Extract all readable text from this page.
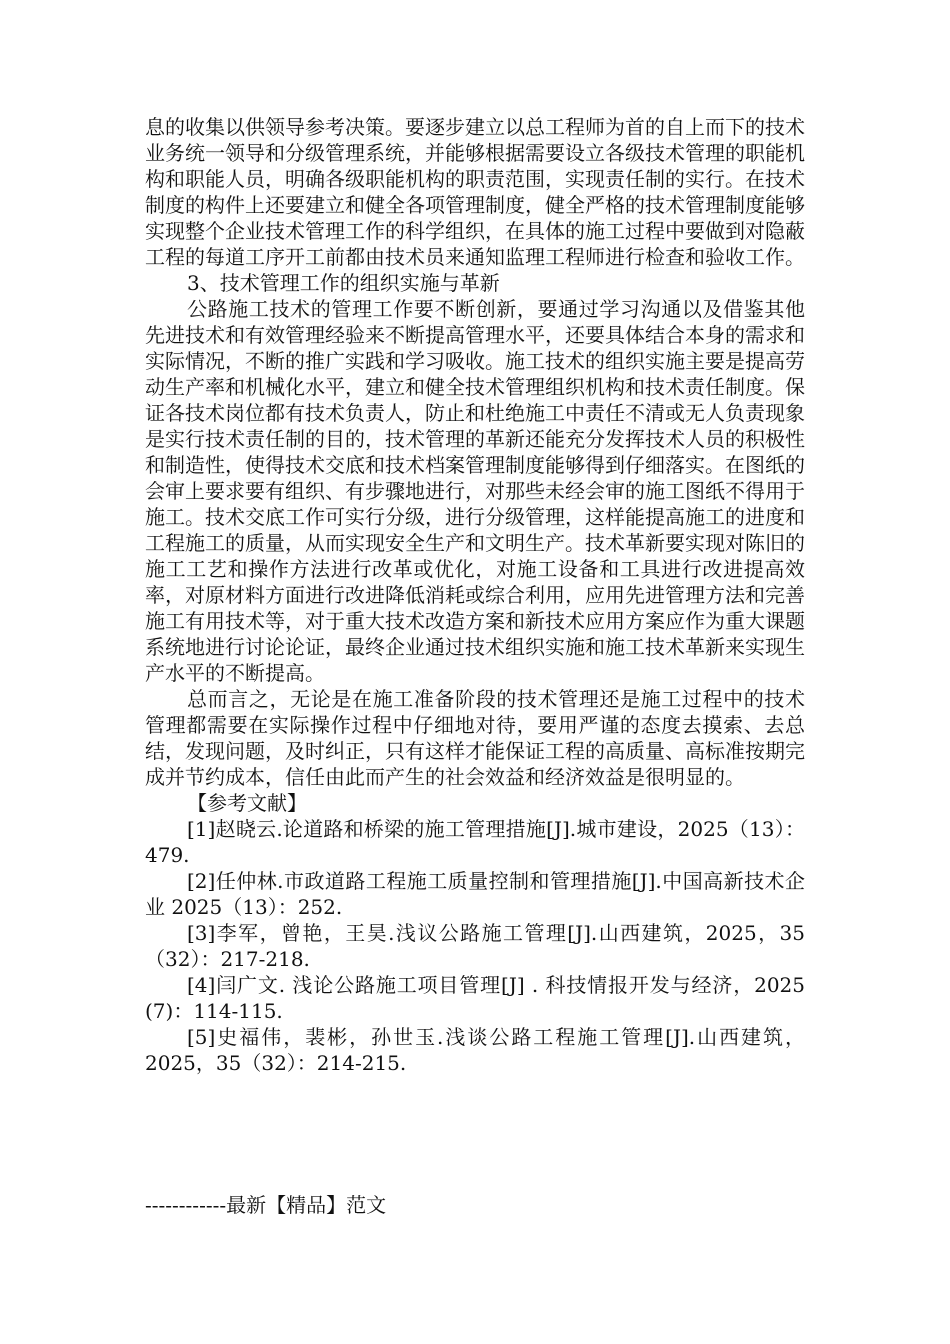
息的收集以供领导参考决策。要逐步建立以总工程师为首的自上而下的技术业务统一领导和分级管理系统，并能够根据需要设立各级技术管理的职能机构和职能人员，明确各级职能机构的职责范围，实现责任制的实行。在技术制度的构件上还要建立和健全各项管理制度，健全严格的技术管理制度能够实现整个企业技术管理工作的科学组织，在具体的施工过程中要做到对隐蔽工程的每道工序开工前都由技术员来通知监理工程师进行检查和验收工作。

3、技术管理工作的组织实施与革新

公路施工技术的管理工作要不断创新，要通过学习沟通以及借鉴其他先进技术和有效管理经验来不断提高管理水平，还要具体结合本身的需求和实际情况，不断的推广实践和学习吸收。施工技术的组织实施主要是提高劳动生产率和机械化水平，建立和健全技术管理组织机构和技术责任制度。保证各技术岗位都有技术负责人，防止和杜绝施工中责任不清或无人负责现象是实行技术责任制的目的，技术管理的革新还能充分发挥技术人员的积极性和制造性，使得技术交底和技术档案管理制度能够得到仔细落实。在图纸的会审上要求要有组织、有步骤地进行，对那些未经会审的施工图纸不得用于施工。技术交底工作可实行分级，进行分级管理，这样能提高施工的进度和工程施工的质量，从而实现安全生产和文明生产。技术革新要实现对陈旧的施工工艺和操作方法进行改革或优化，对施工设备和工具进行改进提高效率，对原材料方面进行改进降低消耗或综合利用，应用先进管理方法和完善施工有用技术等，对于重大技术改造方案和新技术应用方案应作为重大课题系统地进行讨论论证，最终企业通过技术组织实施和施工技术革新来实现生产水平的不断提高。

总而言之，无论是在施工准备阶段的技术管理还是施工过程中的技术管理都需要在实际操作过程中仔细地对待，要用严谨的态度去摸索、去总结，发现问题，及时纠正，只有这样才能保证工程的高质量、高标准按期完成并节约成本，信任由此而产生的社会效益和经济效益是很明显的。

【参考文献】

[1]赵晓云.论道路和桥梁的施工管理措施[J].城市建设，2025（13）：479.

[2]任仲林.市政道路工程施工质量控制和管理措施[J].中国高新技术企业 2025（13）：252.

[3]李军，曾艳，王昊.浅议公路施工管理[J].山西建筑，2025，35（32）：217-218.

[4]闫广文. 浅论公路施工项目管理[J] . 科技情报开发与经济，2025 (7)：114-115.

[5]史福伟，裴彬，孙世玉.浅谈公路工程施工管理[J].山西建筑，2025，35（32）：214-215.

------------最新【精品】范文
